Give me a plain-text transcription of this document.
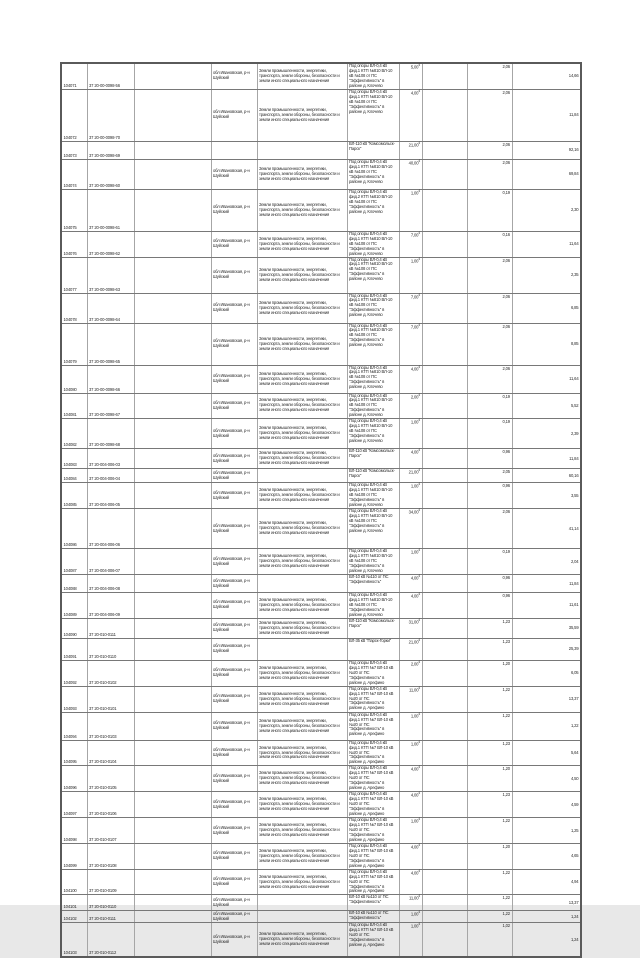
104071	37 20-00-0098-56		обл Ивановская, р-н Шуйский	Земли промышленности, энергетики, транспорта, земли обороны, безопасности и земли иного специального назначения	Под опоры ВЛ-0,4 кВ фид.1 КТП №810 ВЛ-10 кВ №108 от ПС "Эффективность" в районе д. Клочево	5,00$^4$		2,06	14,66
104072	37 20-00-0098-70		обл Ивановская, р-н Шуйский	Земли промышленности, энергетики, транспорта, земли обороны, безопасности и земли иного специального назначения	Под опоры ВЛ-0,4 кВ фид.1 КТП №810 ВЛ-10 кВ №108 от ПС "Эффективность" в районе д. Клочево	4,00$^4$		2,06	11,84
104073	37 20-00-0098-69				ВЛ-110 кВ "Комсомольск-Парск"	21,00$^4$		2,06	92,16
104074	37 20-00-0098-60		обл Ивановская, р-н Шуйский	Земли промышленности, энергетики, транспорта, земли обороны, безопасности и земли иного специального назначения	Под опоры ВЛ-0,4 кВ фид.1 КТП №810 ВЛ-10 кВ №108 от ПС "Эффективность" в районе д. Клочево	40,00$^4$		2,06	69,84
104075	37 20-00-0098-61		обл Ивановская, р-н Шуйский	Земли промышленности, энергетики, транспорта, земли обороны, безопасности и земли иного специального назначения	Под опоры ВЛ-0,4 кВ фид.2 КТП №810 ВЛ-10 кВ №108 от ПС "Эффективность" в районе д. Клочево	1,00$^4$		0,19	2,30
104076	37 20-00-0098-62		обл Ивановская, р-н Шуйский	Земли промышленности, энергетики, транспорта, земли обороны, безопасности и земли иного специального назначения	Под опоры ВЛ-0,4 кВ фид.1 КТП №810 ВЛ-10 кВ №108 от ПС "Эффективность" в районе д. Клочево	7,00$^4$		0,16	11,64
104077	37 20-00-0098-63		обл Ивановская, р-н Шуйский	Земли промышленности, энергетики, транспорта, земли обороны, безопасности и земли иного специального назначения	Под опоры ВЛ-0,4 кВ фид.1 КТП №810 ВЛ-10 кВ №108 от ПС "Эффективность" в районе д. Клочево	1,00$^4$		2,06	2,35
104078	37 20-00-0098-64		обл Ивановская, р-н Шуйский	Земли промышленности, энергетики, транспорта, земли обороны, безопасности и земли иного специального назначения	Под опоры ВЛ-0,4 кВ фид.1 КТП №810 ВЛ-10 кВ №108 от ПС "Эффективность" в районе д. Клочево	7,00$^4$		2,06	6,85
104079	37 20-00-0098-65		обл Ивановская, р-н Шуйский	Земли промышленности, энергетики, транспорта, земли обороны, безопасности и земли иного специального назначения	Под опоры ВЛ-0,4 кВ фид.1 КТП №810 ВЛ-10 кВ №108 от ПС "Эффективность" в районе д. Клочево	7,00$^4$		2,06	8,85
104080	37 20-00-0098-66		обл Ивановская, р-н Шуйский	Земли промышленности, энергетики, транспорта, земли обороны, безопасности и земли иного специального назначения	Под опоры ВЛ-0,4 кВ фид.1 КТП №810 ВЛ-10 кВ №108 от ПС "Эффективность" в районе д. Клочево	4,00$^4$		2,06	11,64
104081	37 20-00-0098-67		обл Ивановская, р-н Шуйский	Земли промышленности, энергетики, транспорта, земли обороны, безопасности и земли иного специального назначения	Под опоры ВЛ-0,4 кВ фид.1 КТП №810 ВЛ-10 кВ №108 от ПС "Эффективность" в районе д. Клочево	2,00$^4$		0,19	5,52
104082	37 20-00-0098-68		обл Ивановская, р-н Шуйский	Земли промышленности, энергетики, транспорта, земли обороны, безопасности и земли иного специального назначения	Под опоры ВЛ-0,4 кВ фид.1 КТП №810 ВЛ-10 кВ №108 от ПС "Эффективность" в районе д. Клочево	1,00$^4$		0,19	2,39
104083	37 20-004-006-03		обл Ивановская, р-н Шуйский	Земли промышленности, энергетики, транспорта, земли обороны, безопасности и земли иного специального назначения	ВЛ-110 кВ "Комсомольск-Парск"	4,00$^4$		0,96	11,84
104084	37 20-004-006-04		обл Ивановская, р-н Шуйский		ВЛ-110 кВ "Комсомольск-Парск"	21,00$^4$		2,05	60,16
104085	37 20-004-006-05		обл Ивановская, р-н Шуйский	Земли промышленности, энергетики, транспорта, земли обороны, безопасности и земли иного специального назначения	Под опоры ВЛ-0,4 кВ фид.1 КТП №810 ВЛ-10 кВ №108 от ПС "Эффективность" в районе д. Клочево	1,00$^4$		0,96	3,55
104086	37 20-004-006-06		обл Ивановская, р-н Шуйский	Земли промышленности, энергетики, транспорта, земли обороны, безопасности и земли иного специального назначения	Под опоры ВЛ-0,4 кВ фид.1 КТП №810 ВЛ-10 кВ №108 от ПС "Эффективность" в районе д. Клочево	34,00$^4$		2,06	41,14
104087	37 20-004-006-07		обл Ивановская, р-н Шуйский	Земли промышленности, энергетики, транспорта, земли обороны, безопасности и земли иного специального назначения	Под опоры ВЛ-0,4 кВ фид.1 КТП №810 ВЛ-10 кВ №108 от ПС "Эффективность" в районе д. Клочево	1,00$^4$		0,19	2,04
104088	37 20-004-006-08		обл Ивановская, р-н Шуйский		ВЛ-10 кВ №110 от ПС "Эффективность"	4,00$^4$		0,96	11,84
104089	37 20-004-006-09		обл Ивановская, р-н Шуйский	Земли промышленности, энергетики, транспорта, земли обороны, безопасности и земли иного специального назначения	Под опоры ВЛ-0,4 кВ фид.1 КТП №810 ВЛ-10 кВ №108 от ПС "Эффективность" в районе д. Клочево	4,00$^4$		0,96	11,61
104090	37 20-010-0111		обл Ивановская, р-н Шуйский	Земли промышленности, энергетики, транспорта, земли обороны, безопасности и земли иного специального назначения	ВЛ-110 кВ "Комсомольск-Парск"	31,00$^4$		1,23	35,59
104091	37 20-010-0110		обл Ивановская, р-н Шуйский		ВЛ-35 кВ "Парск-Горки"	21,00$^4$		1,23	25,39
104092	37 20-010-0102		обл Ивановская, р-н Шуйский	Земли промышленности, энергетики, транспорта, земли обороны, безопасности и земли иного специального назначения	Под опоры ВЛ-0,4 кВ фид.1 КТП №7 ВЛ-10 кВ №20 от ПС "Эффективность" в районе д. Арефино	2,00$^4$		1,20	6,05
104093	37 20-010-0101		обл Ивановская, р-н Шуйский	Земли промышленности, энергетики, транспорта, земли обороны, безопасности и земли иного специального назначения	Под опоры ВЛ-0,4 кВ фид.1 КТП №7 ВЛ-10 кВ №20 от ПС "Эффективность" в районе д. Арефино	11,00$^4$		1,22	13,37
104094	37 20-010-0103		обл Ивановская, р-н Шуйский	Земли промышленности, энергетики, транспорта, земли обороны, безопасности и земли иного специального назначения	Под опоры ВЛ-0,4 кВ фид.1 КТП №7 ВЛ-10 кВ №20 от ПС "Эффективность" в районе д. Арефино	1,00$^4$		1,22	1,22
104095	37 20-010-0104		обл Ивановская, р-н Шуйский	Земли промышленности, энергетики, транспорта, земли обороны, безопасности и земли иного специального назначения	Под опоры ВЛ-0,4 кВ фид.1 КТП №7 ВЛ-10 кВ №20 от ПС "Эффективность" в районе д. Арефино	1,00$^4$		1,23	5,64
104096	37 20-010-0105		обл Ивановская, р-н Шуйский	Земли промышленности, энергетики, транспорта, земли обороны, безопасности и земли иного специального назначения	Под опоры ВЛ-0,4 кВ фид.1 КТП №7 ВЛ-10 кВ №20 от ПС "Эффективность" в районе д. Арефино	4,00$^4$		1,20	4,50
104097	37 20-010-0106		обл Ивановская, р-н Шуйский	Земли промышленности, энергетики, транспорта, земли обороны, безопасности и земли иного специального назначения	Под опоры ВЛ-0,4 кВ фид.1 КТП №7 ВЛ-10 кВ №20 от ПС "Эффективность" в районе д. Арефино	4,00$^4$		1,23	4,59
104098	37 20-010-0107		обл Ивановская, р-н Шуйский	Земли промышленности, энергетики, транспорта, земли обороны, безопасности и земли иного специального назначения	Под опоры ВЛ-0,4 кВ фид.1 КТП №7 ВЛ-10 кВ №20 от ПС "Эффективность" в районе д. Арефино	1,00$^4$		1,22	1,25
104099	37 20-010-0108		обл Ивановская, р-н Шуйский	Земли промышленности, энергетики, транспорта, земли обороны, безопасности и земли иного специального назначения	Под опоры ВЛ-0,4 кВ фид.1 КТП №7 ВЛ-10 кВ №20 от ПС "Эффективность" в районе д. Арефино	4,00$^4$		1,20	4,65
104100	37 20-010-0109		обл Ивановская, р-н Шуйский	Земли промышленности, энергетики, транспорта, земли обороны, безопасности и земли иного специального назначения	Под опоры ВЛ-0,4 кВ фид.1 КТП №7 ВЛ-10 кВ №20 от ПС "Эффективность" в районе д. Арефино	4,00$^4$		1,22	4,94
104101	37 20-010-0110		обл Ивановская, р-н Шуйский		ВЛ-10 кВ №110 от ПС "Эффективность"	11,00$^4$		1,22	13,37
104102	37 20-010-0111		обл Ивановская, р-н Шуйский		ВЛ-10 кВ №110 от ПС "Эффективность"	1,00$^4$		1,22	1,24
104103	37 20-010-0112		обл Ивановская, р-н Шуйский	Земли промышленности, энергетики, транспорта, земли обороны, безопасности и земли иного специального назначения	Под опоры ВЛ-0,4 кВ фид.1 КТП №7 ВЛ-10 кВ №20 от ПС "Эффективность" в районе д. Арефино	1,00$^4$		1,02	1,24
